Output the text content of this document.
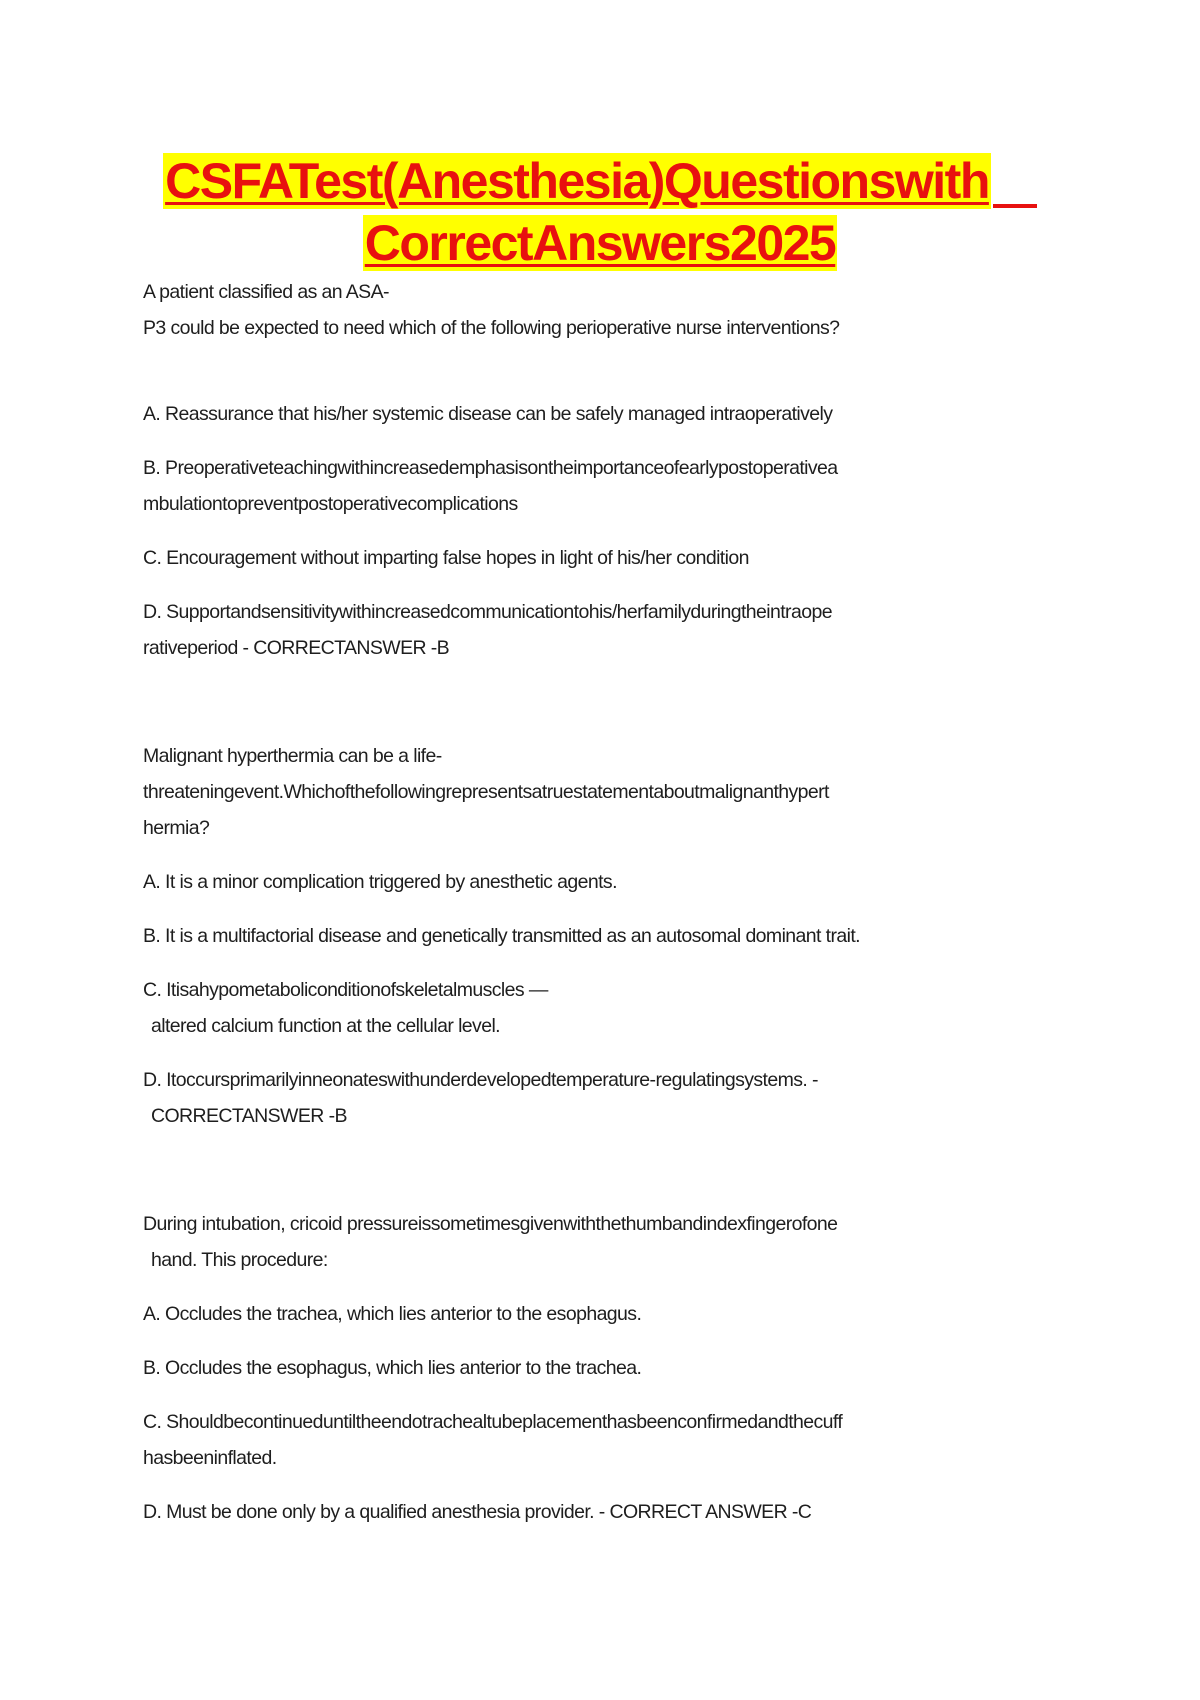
CSFATest(Anesthesia)Questionswith
CorrectAnswers2025
A patient classified as an ASA-
P3 could be expected to need which of the following perioperative nurse interventions?
A. Reassurance that his/her systemic disease can be safely managed intraoperatively
B. Preoperativeteachingwithincreasedemphasisontheimportanceofearlypostoperativea
mbulationtopreventpostoperativecomplications
C. Encouragement without imparting false hopes in light of his/her condition
D. Supportandsensitivitywithincreasedcommunicationtohis/herfamilyduringtheintraope
rativeperiod - CORRECTANSWER -B
Malignant hyperthermia can be a life-
threateningevent.Whichofthefollowingrepresentsatruestatementaboutmalignanthypert
hermia?
A. It is a minor complication triggered by anesthetic agents.
B. It is a multifactorial disease and genetically transmitted as an autosomal dominant trait.
C. Itisahypometaboliconditionofskeletalmuscles —
altered calcium function at the cellular level.
D. Itoccursprimarilyinneonateswithunderdevelopedtemperature-regulatingsystems. -
CORRECTANSWER -B
During intubation, cricoid pressureissometimesgivenwiththethumbandindexfingerofone
hand. This procedure:
A. Occludes the trachea, which lies anterior to the esophagus.
B. Occludes the esophagus, which lies anterior to the trachea.
C. Shouldbecontinueduntiltheendotrachealtubeplacementhasbeenconfirmedandthecuff
hasbeeninflated.
D. Must be done only by a qualified anesthesia provider. - CORRECT ANSWER -C
